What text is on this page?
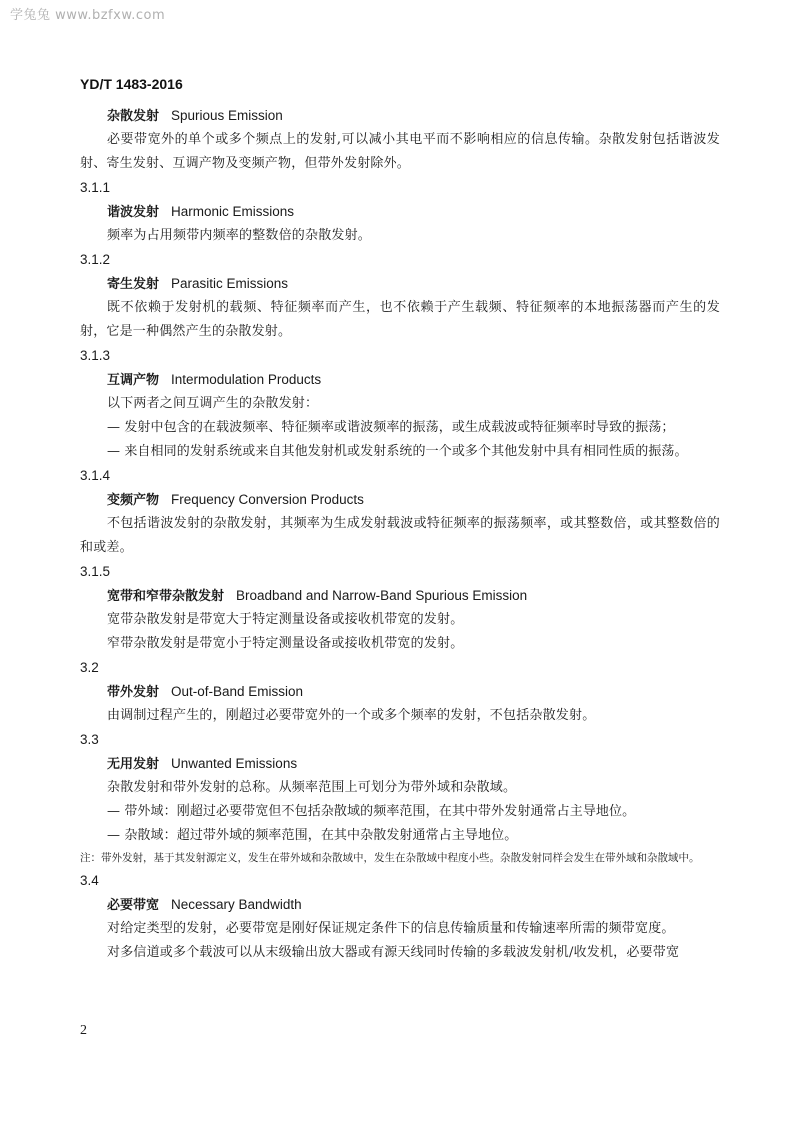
学兔兔 www.bzfxw.com
YD/T 1483-2016
杂散发射 Spurious Emission
必要带宽外的单个或多个频点上的发射,可以减小其电平而不影响相应的信息传输。杂散发射包括谐波发射、寄生发射、互调产物及变频产物，但带外发射除外。
3.1.1
谐波发射 Harmonic Emissions
频率为占用频带内频率的整数倍的杂散发射。
3.1.2
寄生发射 Parasitic Emissions
既不依赖于发射机的载频、特征频率而产生，也不依赖于产生载频、特征频率的本地振荡器而产生的发射，它是一种偶然产生的杂散发射。
3.1.3
互调产物 Intermodulation Products
以下两者之间互调产生的杂散发射：
— 发射中包含的在载波频率、特征频率或谐波频率的振荡，或生成载波或特征频率时导致的振荡；
— 来自相同的发射系统或来自其他发射机或发射系统的一个或多个其他发射中具有相同性质的振荡。
3.1.4
变频产物 Frequency Conversion Products
不包括谐波发射的杂散发射，其频率为生成发射载波或特征频率的振荡频率，或其整数倍，或其整数倍的和或差。
3.1.5
宽带和窄带杂散发射 Broadband and Narrow-Band Spurious Emission
宽带杂散发射是带宽大于特定测量设备或接收机带宽的发射。
窄带杂散发射是带宽小于特定测量设备或接收机带宽的发射。
3.2
带外发射 Out-of-Band Emission
由调制过程产生的，刚超过必要带宽外的一个或多个频率的发射，不包括杂散发射。
3.3
无用发射 Unwanted Emissions
杂散发射和带外发射的总称。从频率范围上可划分为带外域和杂散域。
— 带外域：刚超过必要带宽但不包括杂散域的频率范围，在其中带外发射通常占主导地位。
— 杂散域：超过带外域的频率范围，在其中杂散发射通常占主导地位。
注：带外发射，基于其发射源定义，发生在带外域和杂散域中，发生在杂散域中程度小些。杂散发射同样会发生在带外域和杂散域中。
3.4
必要带宽 Necessary Bandwidth
对给定类型的发射，必要带宽是刚好保证规定条件下的信息传输质量和传输速率所需的频带宽度。
对多信道或多个载波可以从末级输出放大器或有源天线同时传输的多载波发射机/收发机，必要带宽
2
